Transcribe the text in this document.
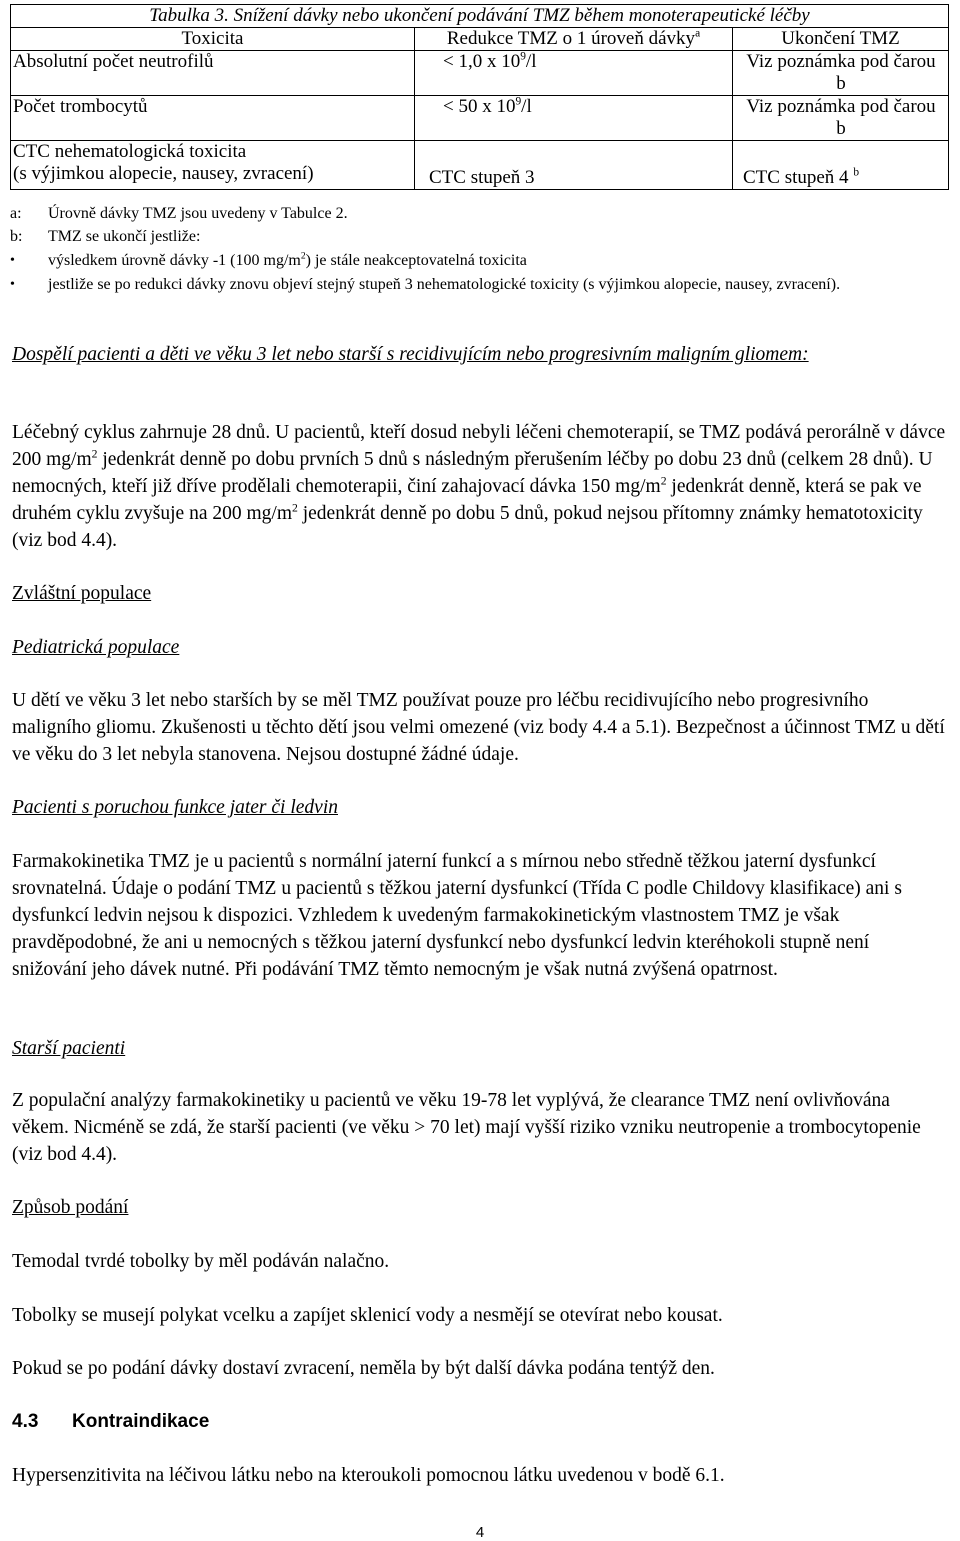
Tabulka 3. Snížení dávky nebo ukončení podávání TMZ během monoterapeutické léčby		
Toxicita	Redukce TMZ o 1 úroveň dávky$^a$	Ukončení TMZ
Absolutní počet neutrofilů	< 1,0 x $10^9/l$	Viz poznámka pod čarou
b
Počet trombocytů	< 50 x $10^9/l$	Viz poznámka pod čarou
b
CTC nehematologická toxicita
(s výjimkou alopecie, nausey, zvracení)	CTC stupeň 3	CTC stupeň 4 $^b$
a:	Úrovně dávky TMZ jsou uvedeny v Tabulce 2.
b:	TMZ se ukončí jestliže:
•	výsledkem úrovně dávky -1 (100 $mg/m^2$) je stále neakceptovatelná toxicita
•	jestliže se po redukci dávky znovu objeví stejný stupeň 3 nehematologické toxicity (s výjimkou alopecie, nausey, zvracení).
Dospělí pacienti a děti ve věku 3 let nebo starší s recidivujícím nebo progresivním maligním gliomem:
Léčebný cyklus zahrnuje 28 dnů. U pacientů, kteří dosud nebyli léčeni chemoterapií, se TMZ podává perorálně v dávce 200 $mg/m^2$ jedenkrát denně po dobu prvních 5 dnů s následným přerušením léčby po dobu 23 dnů (celkem 28 dnů). U nemocných, kteří již dříve prodělali chemoterapii, činí zahajovací dávka 150 $mg/m^2$ jedenkrát denně, která se pak ve druhém cyklu zvyšuje na 200 $mg/m^2$ jedenkrát denně po dobu 5 dnů, pokud nejsou přítomny známky hematotoxicity (viz bod 4.4).
Zvláštní populace
Pediatrická populace
U dětí ve věku 3 let nebo starších by se měl TMZ používat pouze pro léčbu recidivujícího nebo progresivního maligního gliomu. Zkušenosti u těchto dětí jsou velmi omezené (viz body 4.4 a 5.1). Bezpečnost a účinnost TMZ u dětí ve věku do 3 let nebyla stanovena. Nejsou dostupné žádné údaje.
Pacienti s poruchou funkce jater či ledvin
Farmakokinetika TMZ je u pacientů s normální jaterní funkcí a s mírnou nebo středně těžkou jaterní dysfunkcí srovnatelná. Údaje o podání TMZ u pacientů s těžkou jaterní dysfunkcí (Třída C podle Childovy klasifikace) ani s dysfunkcí ledvin nejsou k dispozici. Vzhledem k uvedeným farmakokinetickým vlastnostem TMZ je však pravděpodobné, že ani u nemocných s těžkou jaterní dysfunkcí nebo dysfunkcí ledvin kteréhokoli stupně není snižování jeho dávek nutné. Při podávání TMZ těmto nemocným je však nutná zvýšená opatrnost.
Starší pacienti
Z populační analýzy farmakokinetiky u pacientů ve věku 19-78 let vyplývá, že clearance TMZ není ovlivňována věkem. Nicméně se zdá, že starší pacienti (ve věku > 70 let) mají vyšší riziko vzniku neutropenie a trombocytopenie (viz bod 4.4).
Způsob podání
Temodal tvrdé tobolky by měl podáván nalačno.
Tobolky se musejí polykat vcelku a zapíjet sklenicí vody a nesmějí se otevírat nebo kousat.
Pokud se po podání dávky dostaví zvracení, neměla by být další dávka podána tentýž den.
4.3 Kontraindikace
Hypersenzitivita na léčivou látku nebo na kteroukoli pomocnou látku uvedenou v bodě 6.1.
4
